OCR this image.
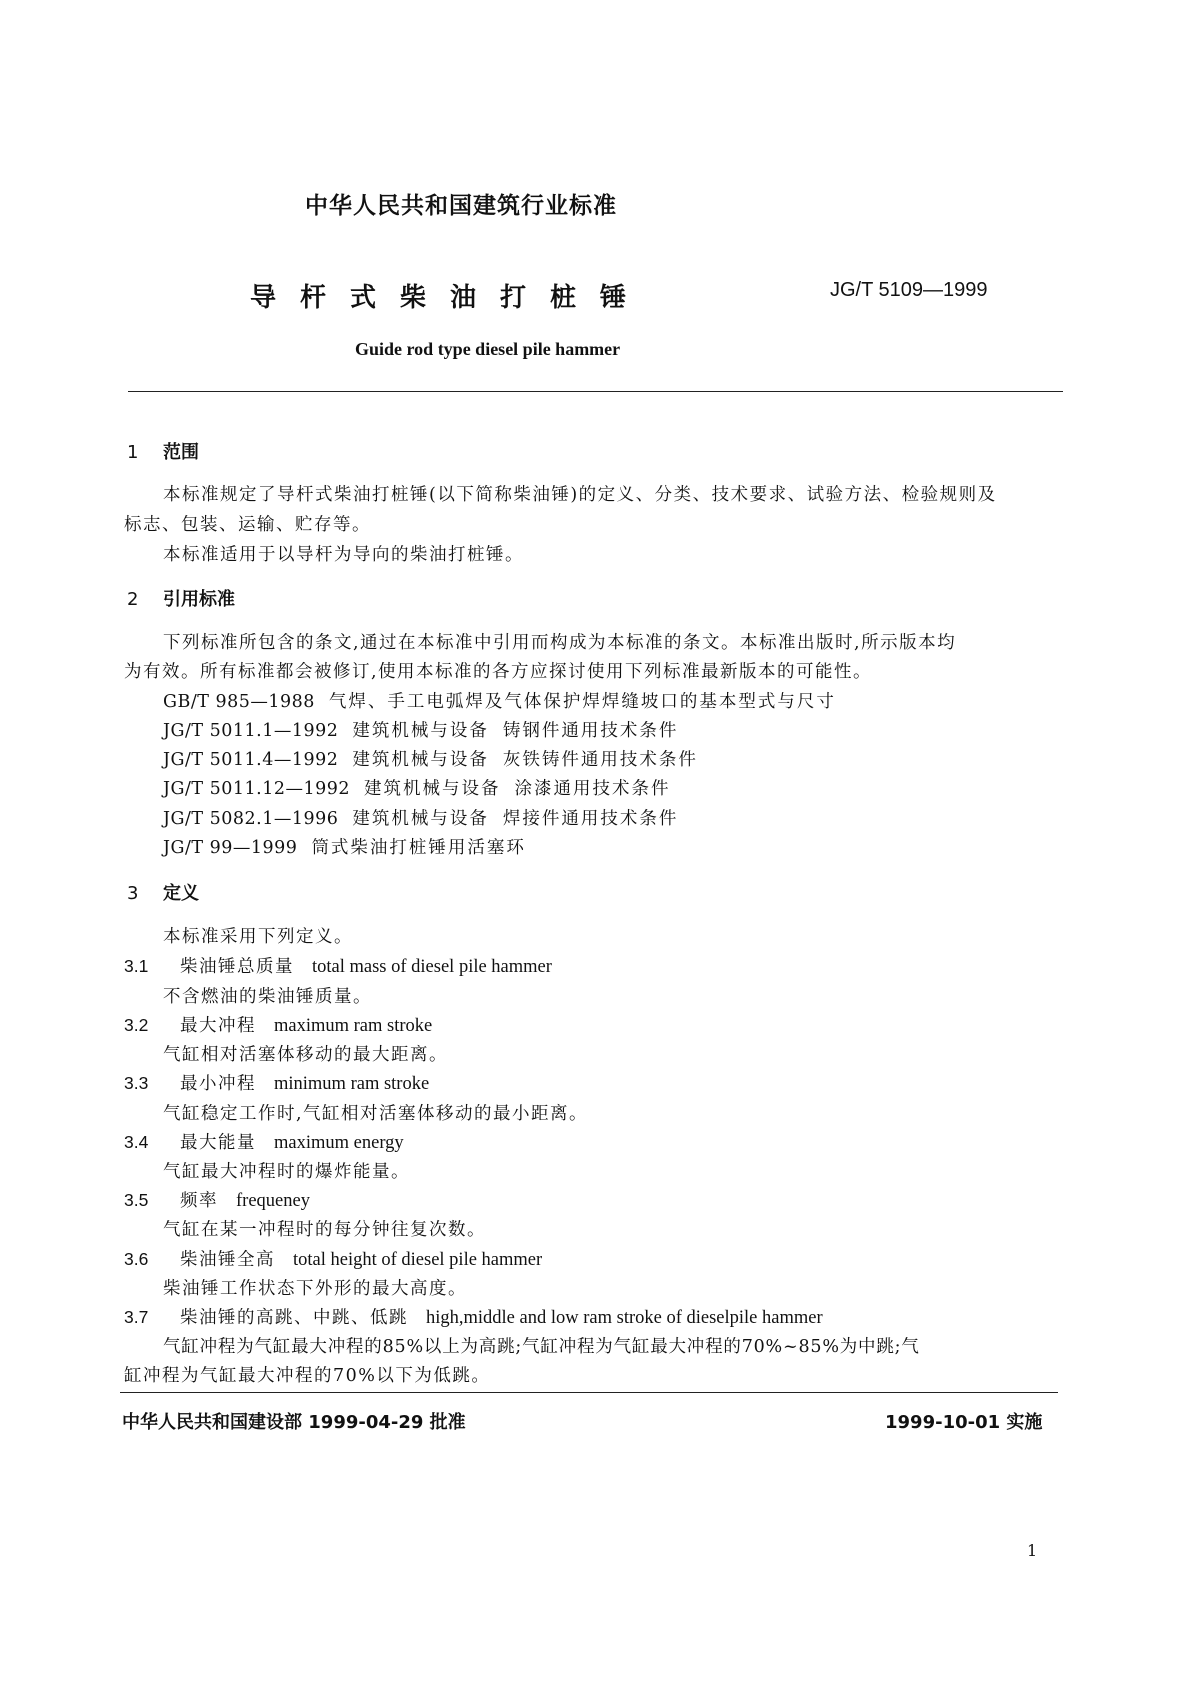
中华人民共和国建筑行业标准
导杆式柴油打桩锤	JG/T 5109—1999
Guide rod type diesel pile hammer
1 范围
本标准规定了导杆式柴油打桩锤(以下简称柴油锤)的定义、分类、技术要求、试验方法、检验规则及
标志、包装、运输、贮存等。
本标准适用于以导杆为导向的柴油打桩锤。
2 引用标准
下列标准所包含的条文,通过在本标准中引用而构成为本标准的条文。本标准出版时,所示版本均
为有效。所有标准都会被修订,使用本标准的各方应探讨使用下列标准最新版本的可能性。
GB/T 985—1988 气焊、手工电弧焊及气体保护焊焊缝坡口的基本型式与尺寸
JG/T 5011.1—1992 建筑机械与设备 铸钢件通用技术条件
JG/T 5011.4—1992 建筑机械与设备 灰铁铸件通用技术条件
JG/T 5011.12—1992 建筑机械与设备 涂漆通用技术条件
JG/T 5082.1—1996 建筑机械与设备 焊接件通用技术条件
JG/T 99—1999 筒式柴油打桩锤用活塞环
3 定义
本标准采用下列定义。
3.1 柴油锤总质量 total mass of diesel pile hammer
不含燃油的柴油锤质量。
3.2 最大冲程 maximum ram stroke
气缸相对活塞体移动的最大距离。
3.3 最小冲程 minimum ram stroke
气缸稳定工作时,气缸相对活塞体移动的最小距离。
3.4 最大能量 maximum energy
气缸最大冲程时的爆炸能量。
3.5 频率 frequeney
气缸在某一冲程时的每分钟往复次数。
3.6 柴油锤全高 total height of diesel pile hammer
柴油锤工作状态下外形的最大高度。
3.7 柴油锤的高跳、中跳、低跳 high,middle and low ram stroke of dieselpile hammer
气缸冲程为气缸最大冲程的85%以上为高跳;气缸冲程为气缸最大冲程的70%~85%为中跳;气
缸冲程为气缸最大冲程的70%以下为低跳。
中华人民共和国建设部 1999-04-29 批准	1999-10-01 实施
1
